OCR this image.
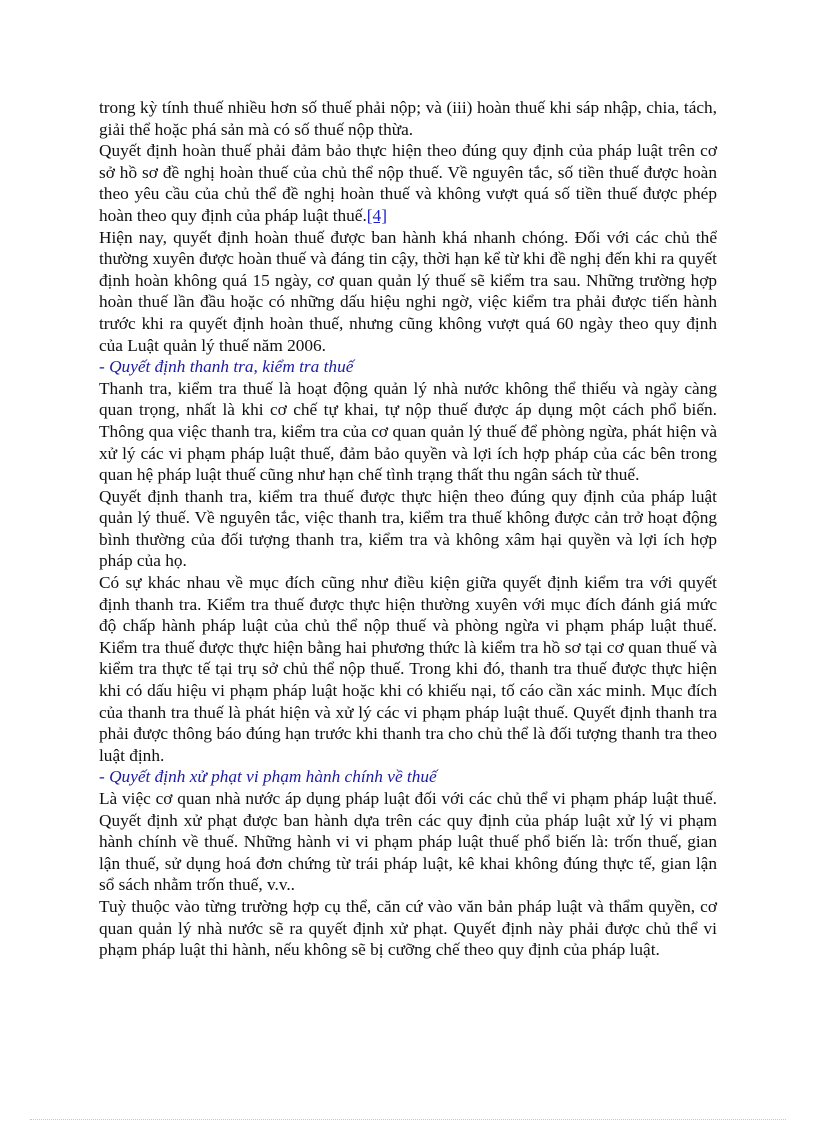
trong kỳ tính thuế nhiều hơn số thuế phải nộp; và (iii) hoàn thuế khi sáp nhập, chia, tách, giải thể hoặc phá sản mà có số thuế nộp thừa.

Quyết định hoàn thuế phải đảm bảo thực hiện theo đúng quy định của pháp luật trên cơ sở hồ sơ đề nghị hoàn thuế của chủ thể nộp thuế. Về nguyên tắc, số tiền thuế được hoàn theo yêu cầu của chủ thể đề nghị hoàn thuế và không vượt quá số tiền thuế được phép hoàn theo quy định của pháp luật thuế.[4]

Hiện nay, quyết định hoàn thuế được ban hành khá nhanh chóng. Đối với các chủ thể thường xuyên được hoàn thuế và đáng tin cậy, thời hạn kể từ khi đề nghị đến khi ra quyết định hoàn không quá 15 ngày, cơ quan quản lý thuế sẽ kiểm tra sau. Những trường hợp hoàn thuế lần đầu hoặc có những dấu hiệu nghi ngờ, việc kiểm tra phải được tiến hành trước khi ra quyết định hoàn thuế, nhưng cũng không vượt quá 60 ngày theo quy định của Luật quản lý thuế năm 2006.

- Quyết định thanh tra, kiểm tra thuế

Thanh tra, kiểm tra thuế là hoạt động quản lý nhà nước không thể thiếu và ngày càng quan trọng, nhất là khi cơ chế tự khai, tự nộp thuế được áp dụng một cách phổ biến. Thông qua việc thanh tra, kiểm tra của cơ quan quản lý thuế để phòng ngừa, phát hiện và xử lý các vi phạm pháp luật thuế, đảm bảo quyền và lợi ích hợp pháp của các bên trong quan hệ pháp luật thuế cũng như hạn chế tình trạng thất thu ngân sách từ thuế.

Quyết định thanh tra, kiểm tra thuế được thực hiện theo đúng quy định của pháp luật quản lý thuế. Về nguyên tắc, việc thanh tra, kiểm tra thuế không được cản trở hoạt động bình thường của đối tượng thanh tra, kiểm tra và không xâm hại quyền và lợi ích hợp pháp của họ.

Có sự khác nhau về mục đích cũng như điều kiện giữa quyết định kiểm tra với quyết định thanh tra. Kiểm tra thuế được thực hiện thường xuyên với mục đích đánh giá mức độ chấp hành pháp luật của chủ thể nộp thuế và phòng ngừa vi phạm pháp luật thuế. Kiểm tra thuế được thực hiện bằng hai phương thức là kiểm tra hồ sơ tại cơ quan thuế và kiểm tra thực tế tại trụ sở chủ thể nộp thuế. Trong khi đó, thanh tra thuế được thực hiện khi có dấu hiệu vi phạm pháp luật hoặc khi có khiếu nại, tố cáo cần xác minh. Mục đích của thanh tra thuế là phát hiện và xử lý các vi phạm pháp luật thuế. Quyết định thanh tra phải được thông báo đúng hạn trước khi thanh tra cho chủ thể là đối tượng thanh tra theo luật định.

- Quyết định xử phạt vi phạm hành chính về thuế

Là việc cơ quan nhà nước áp dụng pháp luật đối với các chủ thể vi phạm pháp luật thuế. Quyết định xử phạt được ban hành dựa trên các quy định của pháp luật xử lý vi phạm hành chính về thuế. Những hành vi vi phạm pháp luật thuế phổ biến là: trốn thuế, gian lận thuế, sử dụng hoá đơn chứng từ trái pháp luật, kê khai không đúng thực tế, gian lận sổ sách nhằm trốn thuế, v.v..

Tuỳ thuộc vào từng trường hợp cụ thể, căn cứ vào văn bản pháp luật và thẩm quyền, cơ quan quản lý nhà nước sẽ ra quyết định xử phạt. Quyết định này phải được chủ thể vi phạm pháp luật thi hành, nếu không sẽ bị cưỡng chế theo quy định của pháp luật.
